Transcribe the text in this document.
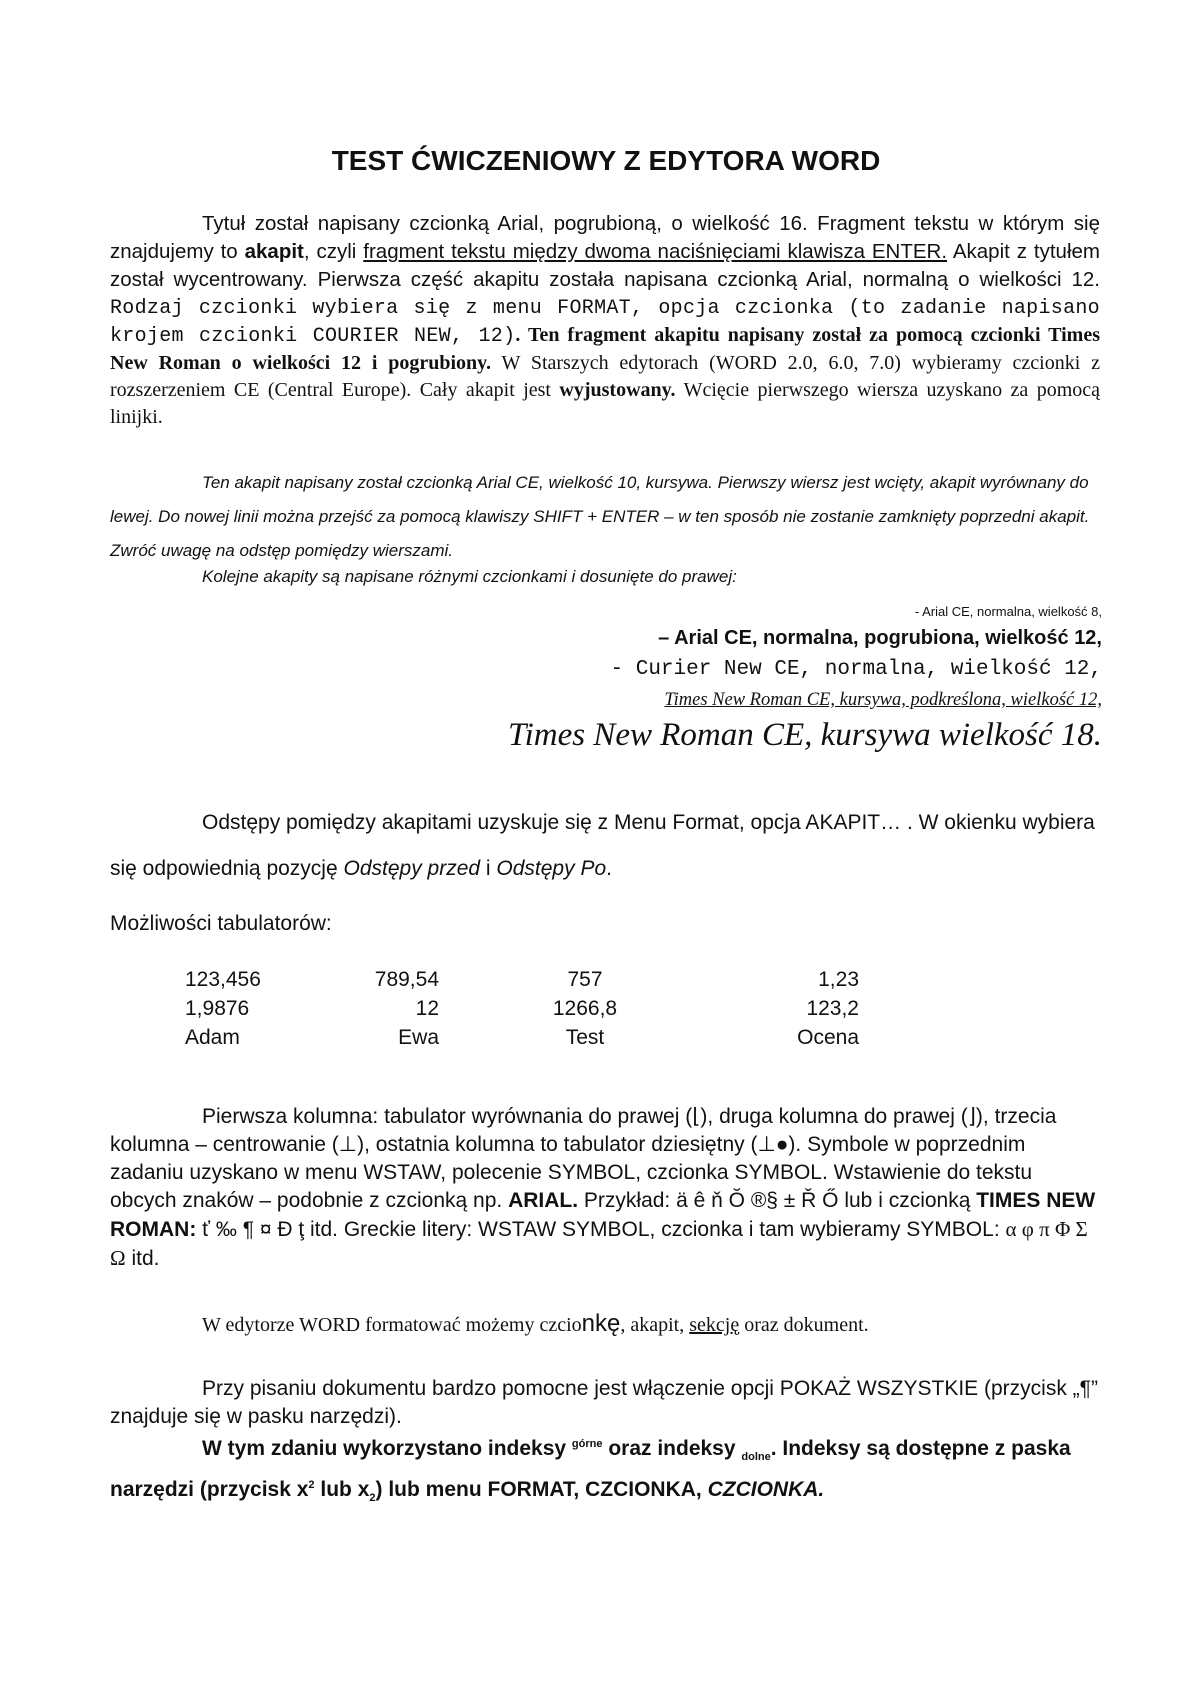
TEST ĆWICZENIOWY Z EDYTORA WORD
Tytuł został napisany czcionką Arial, pogrubioną, o wielkość 16. Fragment tekstu w którym się znajdujemy to akapit, czyli fragment tekstu między dwoma naciśnięciami klawisza ENTER. Akapit z tytułem został wycentrowany. Pierwsza część akapitu została napisana czcionką Arial, normalną o wielkości 12. Rodzaj czcionki wybiera się z menu FORMAT, opcja czcionka (to zadanie napisano krojem czcionki COURIER NEW, 12). Ten fragment akapitu napisany został za pomocą czcionki Times New Roman o wielkości 12 i pogrubiony. W Starszych edytorach (WORD 2.0, 6.0, 7.0) wybieramy czcionki z rozszerzeniem CE (Central Europe). Cały akapit jest wyjustowany. Wcięcie pierwszego wiersza uzyskano za pomocą linijki.
Ten akapit napisany został czcionką Arial CE, wielkość 10, kursywa. Pierwszy wiersz jest wcięty, akapit wyrównany do lewej. Do nowej linii można przejść za pomocą klawiszy SHIFT + ENTER – w ten sposób nie zostanie zamknięty poprzedni akapit. Zwróć uwagę na odstęp pomiędzy wierszami.
Kolejne akapity są napisane różnymi czcionkami i dosunięte do prawej:
- Arial CE, normalna, wielkość 8,
– Arial CE, normalna, pogrubiona, wielkość 12,
- Curier New CE, normalna, wielkość 12,
Times New Roman CE, kursywa, podkreślona, wielkość 12,
Times New Roman CE, kursywa wielkość 18.
Odstępy pomiędzy akapitami uzyskuje się z Menu Format, opcja AKAPIT… . W okienku wybiera się odpowiednią pozycję Odstępy przed i Odstępy Po.
Możliwości tabulatorów:
123,456	789,54	757	1,23
1,9876	12	1266,8	123,2
Adam	Ewa	Test	Ocena
Pierwsza kolumna: tabulator wyrównania do prawej (⌊), druga kolumna do prawej (⌋), trzecia kolumna – centrowanie (⊥), ostatnia kolumna to tabulator dziesiętny (⊥●). Symbole w poprzednim zadaniu uzyskano w menu WSTAW, polecenie SYMBOL, czcionka SYMBOL. Wstawienie do tekstu obcych znaków – podobnie z czcionką np. ARIAL. Przykład: ä ê ň Ŏ ®§ ± Ř Ő lub i czcionką TIMES NEW ROMAN: ť ‰ ¶ ¤ Đ ţ itd. Greckie litery: WSTAW SYMBOL, czcionka i tam wybieramy SYMBOL: α φ π Φ Σ Ω itd.
W edytorze WORD formatować możemy czcionkę, akapit, sekcję oraz dokument.
Przy pisaniu dokumentu bardzo pomocne jest włączenie opcji POKAŻ WSZYSTKIE (przycisk „¶” znajduje się w pasku narzędzi).
W tym zdaniu wykorzystano indeksy $^{górne}$ oraz indeksy $_{dolne}$. Indeksy są dostępne z paska narzędzi (przycisk $x^2$ lub $x_2$) lub menu FORMAT, CZCIONKA, CZCIONKA.
